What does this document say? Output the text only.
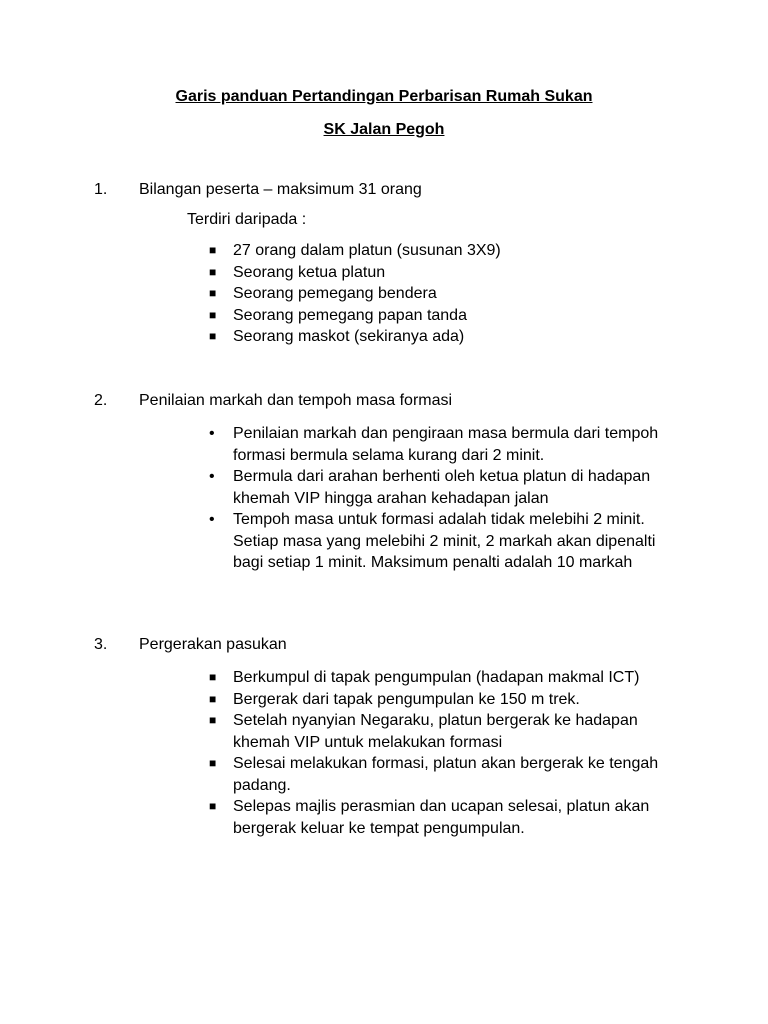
Garis panduan Pertandingan Perbarisan Rumah Sukan
SK Jalan Pegoh
1. Bilangan peserta – maksimum 31 orang
Terdiri daripada :
■ 27 orang dalam platun (susunan 3X9)
■ Seorang ketua platun
■ Seorang pemegang bendera
■ Seorang pemegang papan tanda
■ Seorang maskot (sekiranya ada)
2. Penilaian markah dan tempoh masa formasi
• Penilaian markah dan pengiraan masa bermula dari tempoh formasi bermula selama kurang dari 2 minit.
• Bermula dari arahan berhenti oleh ketua platun di hadapan khemah VIP hingga arahan kehadapan jalan
• Tempoh masa untuk formasi adalah tidak melebihi 2 minit. Setiap masa yang melebihi 2 minit, 2 markah akan dipenalti bagi setiap 1 minit. Maksimum penalti adalah 10 markah
3. Pergerakan pasukan
■ Berkumpul di tapak pengumpulan (hadapan makmal ICT)
■ Bergerak dari tapak pengumpulan ke 150 m trek.
■ Setelah nyanyian Negaraku, platun bergerak ke hadapan khemah VIP untuk melakukan formasi
■ Selesai melakukan formasi, platun akan bergerak ke tengah padang.
■ Selepas majlis perasmian dan ucapan selesai, platun akan bergerak keluar ke tempat pengumpulan.
